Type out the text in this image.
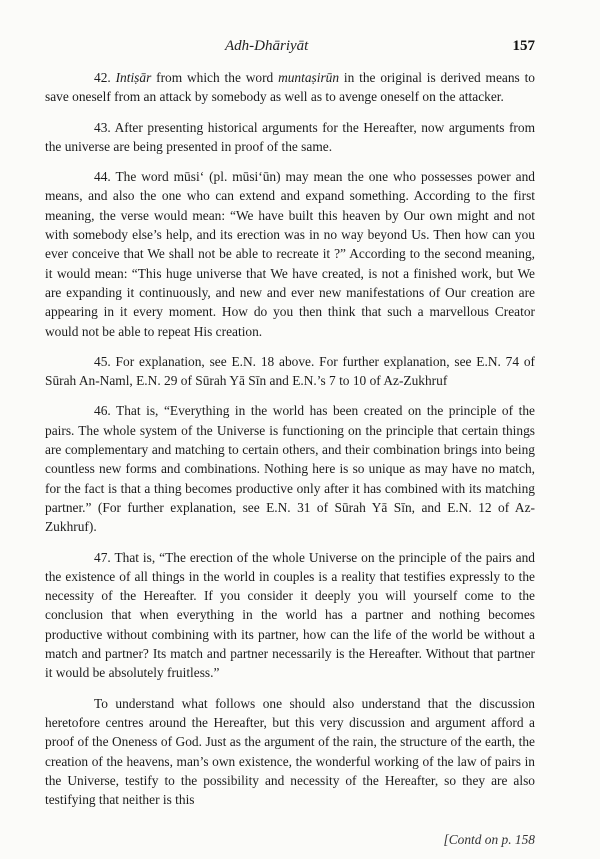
Adh-Dhāriyāt	157

42. Intiṣār from which the word muntaṣirūn in the original is derived means to save oneself from an attack by somebody as well as to avenge oneself on the attacker.

43. After presenting historical arguments for the Hereafter, now arguments from the universe are being presented in proof of the same.

44. The word mūsi‘ (pl. mūsi‘ūn) may mean the one who possesses power and means, and also the one who can extend and expand something. According to the first meaning, the verse would mean: “We have built this heaven by Our own might and not with somebody else’s help, and its erection was in no way beyond Us. Then how can you ever conceive that We shall not be able to recreate it ?” According to the second meaning, it would mean: “This huge universe that We have created, is not a finished work, but We are expanding it continuously, and new and ever new manifestations of Our creation are appearing in it every moment. How do you then think that such a marvellous Creator would not be able to repeat His creation.

45. For explanation, see E.N. 18 above. For further explanation, see E.N. 74 of Sūrah An-Naml, E.N. 29 of Sūrah Yā Sīn and E.N.’s 7 to 10 of Az-Zukhruf

46. That is, “Everything in the world has been created on the principle of the pairs. The whole system of the Universe is functioning on the principle that certain things are complementary and matching to certain others, and their combination brings into being countless new forms and combinations. Nothing here is so unique as may have no match, for the fact is that a thing becomes productive only after it has combined with its matching partner.” (For further explanation, see E.N. 31 of Sūrah Yā Sīn, and E.N. 12 of Az-Zukhruf).

47. That is, “The erection of the whole Universe on the principle of the pairs and the existence of all things in the world in couples is a reality that testifies expressly to the necessity of the Hereafter. If you consider it deeply you will yourself come to the conclusion that when everything in the world has a partner and nothing becomes productive without combining with its partner, how can the life of the world be without a match and partner? Its match and partner necessarily is the Hereafter. Without that partner it would be absolutely fruitless.”

To understand what follows one should also understand that the discussion heretofore centres around the Hereafter, but this very discussion and argument afford a proof of the Oneness of God. Just as the argument of the rain, the structure of the earth, the creation of the heavens, man’s own existence, the wonderful working of the law of pairs in the Universe, testify to the possibility and necessity of the Hereafter, so they are also testifying that neither is this

[Contd on p. 158
